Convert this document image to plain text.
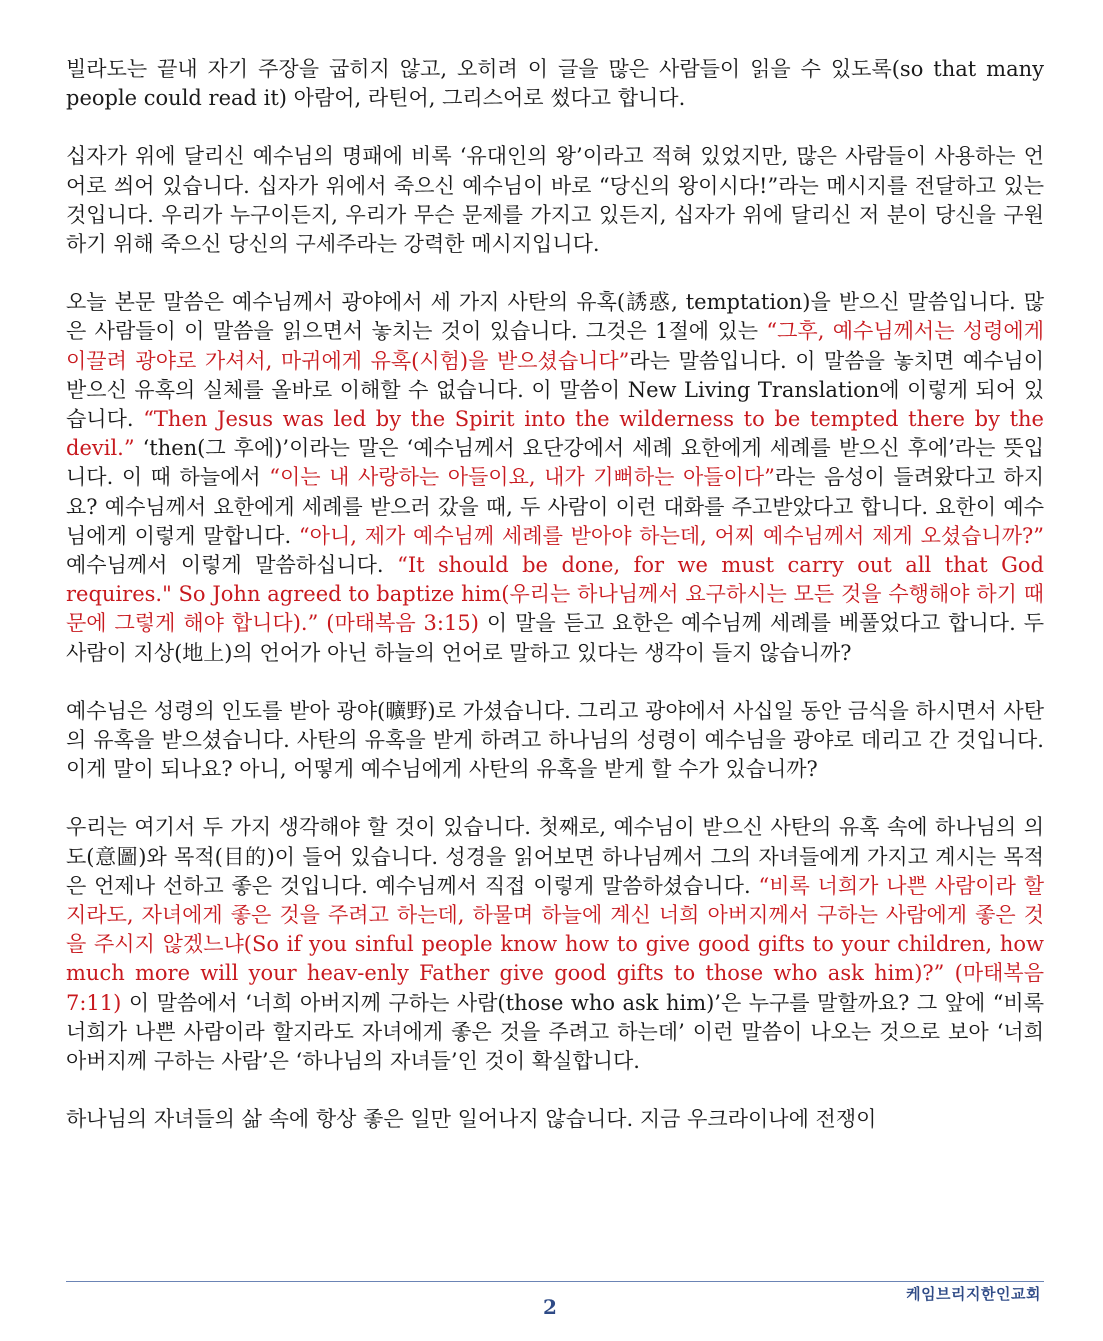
빌라도는 끝내 자기 주장을 굽히지 않고, 오히려 이 글을 많은 사람들이 읽을 수 있도록(so that many people could read it) 아람어, 라틴어, 그리스어로 썼다고 합니다.

십자가 위에 달리신 예수님의 명패에 비록 ‘유대인의 왕’이라고 적혀 있었지만, 많은 사람들이 사용하는 언어로 씌어 있습니다. 십자가 위에서 죽으신 예수님이 바로 “당신의 왕이시다!”라는 메시지를 전달하고 있는 것입니다. 우리가 누구이든지, 우리가 무슨 문제를 가지고 있든지, 십자가 위에 달리신 저 분이 당신을 구원하기 위해 죽으신 당신의 구세주라는 강력한 메시지입니다.

오늘 본문 말씀은 예수님께서 광야에서 세 가지 사탄의 유혹(誘惑, temptation)을 받으신 말씀입니다. 많은 사람들이 이 말씀을 읽으면서 놓치는 것이 있습니다. 그것은 1절에 있는 “그후, 예수님께서는 성령에게 이끌려 광야로 가셔서, 마귀에게 유혹(시험)을 받으셨습니다”라는 말씀입니다. 이 말씀을 놓치면 예수님이 받으신 유혹의 실체를 올바로 이해할 수 없습니다. 이 말씀이 New Living Translation에 이렇게 되어 있습니다. “Then Jesus was led by the Spirit into the wilderness to be tempted there by the devil.” ‘then(그 후에)’이라는 말은 ‘예수님께서 요단강에서 세례 요한에게 세례를 받으신 후에’라는 뜻입니다. 이 때 하늘에서 “이는 내 사랑하는 아들이요, 내가 기뻐하는 아들이다”라는 음성이 들려왔다고 하지요? 예수님께서 요한에게 세례를 받으러 갔을 때, 두 사람이 이런 대화를 주고받았다고 합니다. 요한이 예수님에게 이렇게 말합니다. “아니, 제가 예수님께 세례를 받아야 하는데, 어찌 예수님께서 제게 오셨습니까?” 예수님께서 이렇게 말씀하십니다. “It should be done, for we must carry out all that God requires." So John agreed to baptize him(우리는 하나님께서 요구하시는 모든 것을 수행해야 하기 때문에 그렇게 해야 합니다).” (마태복음 3:15) 이 말을 듣고 요한은 예수님께 세례를 베풀었다고 합니다. 두 사람이 지상(地上)의 언어가 아닌 하늘의 언어로 말하고 있다는 생각이 들지 않습니까?

예수님은 성령의 인도를 받아 광야(曠野)로 가셨습니다. 그리고 광야에서 사십일 동안 금식을 하시면서 사탄의 유혹을 받으셨습니다. 사탄의 유혹을 받게 하려고 하나님의 성령이 예수님을 광야로 데리고 간 것입니다. 이게 말이 되나요? 아니, 어떻게 예수님에게 사탄의 유혹을 받게 할 수가 있습니까?

우리는 여기서 두 가지 생각해야 할 것이 있습니다. 첫째로, 예수님이 받으신 사탄의 유혹 속에 하나님의 의도(意圖)와 목적(目的)이 들어 있습니다. 성경을 읽어보면 하나님께서 그의 자녀들에게 가지고 계시는 목적은 언제나 선하고 좋은 것입니다. 예수님께서 직접 이렇게 말씀하셨습니다. “비록 너희가 나쁜 사람이라 할지라도, 자녀에게 좋은 것을 주려고 하는데, 하물며 하늘에 계신 너희 아버지께서 구하는 사람에게 좋은 것을 주시지 않겠느냐(So if you sinful people know how to give good gifts to your children, how much more will your heav-enly Father give good gifts to those who ask him)?” (마태복음 7:11) 이 말씀에서 ‘너희 아버지께 구하는 사람(those who ask him)’은 누구를 말할까요? 그 앞에 “비록 너희가 나쁜 사람이라 할지라도 자녀에게 좋은 것을 주려고 하는데’ 이런 말씀이 나오는 것으로 보아 ‘너희 아버지께 구하는 사람’은 ‘하나님의 자녀들’인 것이 확실합니다.

하나님의 자녀들의 삶 속에 항상 좋은 일만 일어나지 않습니다. 지금 우크라이나에 전쟁이

케임브리지한인교회
2
